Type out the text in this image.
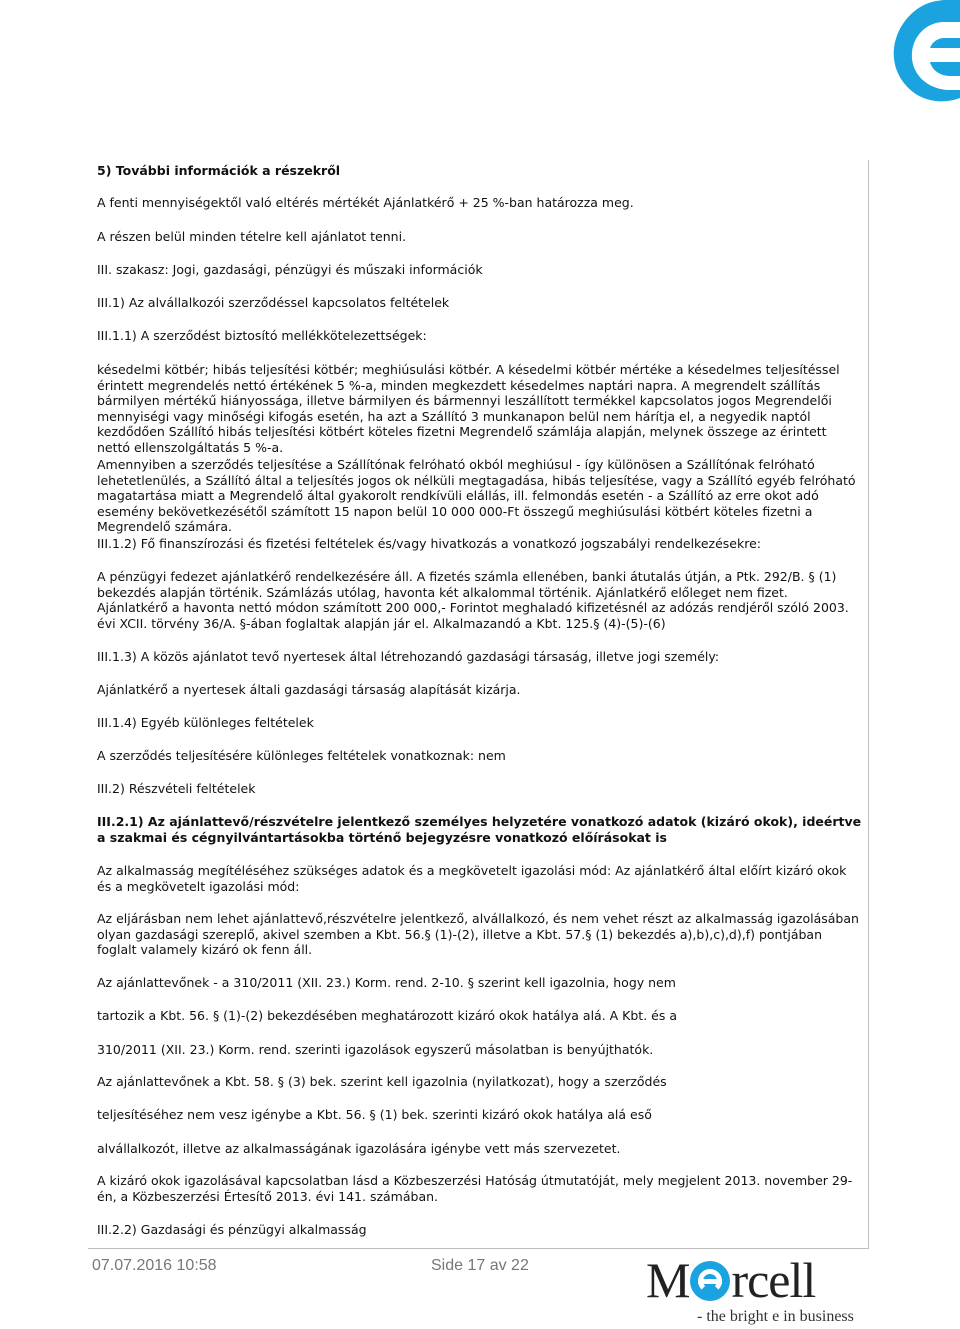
5) További információk a részekről

A fenti mennyiségektől való eltérés mértékét Ajánlatkérő + 25 %-ban határozza meg.

A részen belül minden tételre kell ajánlatot tenni.

III. szakasz: Jogi, gazdasági, pénzügyi és műszaki információk

III.1) Az alvállalkozói szerződéssel kapcsolatos feltételek

III.1.1) A szerződést biztosító mellékkötelezettségek:

késedelmi kötbér; hibás teljesítési kötbér; meghiúsulási kötbér. A késedelmi kötbér mértéke a késedelmes teljesítéssel érintett megrendelés nettó értékének 5 %-a, minden megkezdett késedelmes naptári napra. A megrendelt szállítás bármilyen mértékű hiányossága, illetve bármilyen és bármennyi leszállított termékkel kapcsolatos jogos Megrendelői mennyiségi vagy minőségi kifogás esetén, ha azt a Szállító 3 munkanapon belül nem hárítja el, a negyedik naptól kezdődően Szállító hibás teljesítési kötbért köteles fizetni Megrendelő számlája alapján, melynek összege az érintett nettó ellenszolgáltatás 5 %-a.

Amennyiben a szerződés teljesítése a Szállítónak felróható okból meghiúsul - így különösen a Szállítónak felróható lehetetlenülés, a Szállító által a teljesítés jogos ok nélküli megtagadása, hibás teljesítése, vagy a Szállító egyéb felróható magatartása miatt a Megrendelő által gyakorolt rendkívüli elállás, ill. felmondás esetén - a Szállító az erre okot adó esemény bekövetkezésétől számított 15 napon belül 10 000 000-Ft összegű meghiúsulási kötbért köteles fizetni a Megrendelő számára.

III.1.2) Fő finanszírozási és fizetési feltételek és/vagy hivatkozás a vonatkozó jogszabályi rendelkezésekre:

A pénzügyi fedezet ajánlatkérő rendelkezésére áll. A fizetés számla ellenében, banki átutalás útján, a Ptk. 292/B. § (1) bekezdés alapján történik. Számlázás utólag, havonta két alkalommal történik. Ajánlatkérő előleget nem fizet. Ajánlatkérő a havonta nettó módon számított 200 000,- Forintot meghaladó kifizetésnél az adózás rendjéről szóló 2003. évi XCII. törvény 36/A. §-ában foglaltak alapján jár el. Alkalmazandó a Kbt. 125.§ (4)-(5)-(6)

III.1.3) A közös ajánlatot tevő nyertesek által létrehozandó gazdasági társaság, illetve jogi személy:

Ajánlatkérő a nyertesek általi gazdasági társaság alapítását kizárja.

III.1.4) Egyéb különleges feltételek

A szerződés teljesítésére különleges feltételek vonatkoznak: nem

III.2) Részvételi feltételek

III.2.1) Az ajánlattevő/részvételre jelentkező személyes helyzetére vonatkozó adatok (kizáró okok), ideértve a szakmai és cégnyilvántartásokba történő bejegyzésre vonatkozó előírásokat is

Az alkalmasság megítéléséhez szükséges adatok és a megkövetelt igazolási mód: Az ajánlatkérő által előírt kizáró okok és a megkövetelt igazolási mód:

Az eljárásban nem lehet ajánlattevő,részvételre jelentkező, alvállalkozó, és nem vehet részt az alkalmasság igazolásában olyan gazdasági szereplő, akivel szemben a Kbt. 56.§ (1)-(2), illetve a Kbt. 57.§ (1) bekezdés a),b),c),d),f) pontjában foglalt valamely kizáró ok fenn áll.

Az ajánlattevőnek - a 310/2011 (XII. 23.) Korm. rend. 2-10. § szerint kell igazolnia, hogy nem

tartozik a Kbt. 56. § (1)-(2) bekezdésében meghatározott kizáró okok hatálya alá. A Kbt. és a

310/2011 (XII. 23.) Korm. rend. szerinti igazolások egyszerű másolatban is benyújthatók.

Az ajánlattevőnek a Kbt. 58. § (3) bek. szerint kell igazolnia (nyilatkozat), hogy a szerződés

teljesítéséhez nem vesz igénybe a Kbt. 56. § (1) bek. szerinti kizáró okok hatálya alá eső

alvállalkozót, illetve az alkalmasságának igazolására igénybe vett más szervezetet.

A kizáró okok igazolásával kapcsolatban lásd a Közbeszerzési Hatóság útmutatóját, mely megjelent 2013. november 29-én, a Közbeszerzési Értesítő 2013. évi 141. számában.

III.2.2) Gazdasági és pénzügyi alkalmasság

07.07.2016 10:58	Side 17 av 22 M rcell
- the bright e in business
